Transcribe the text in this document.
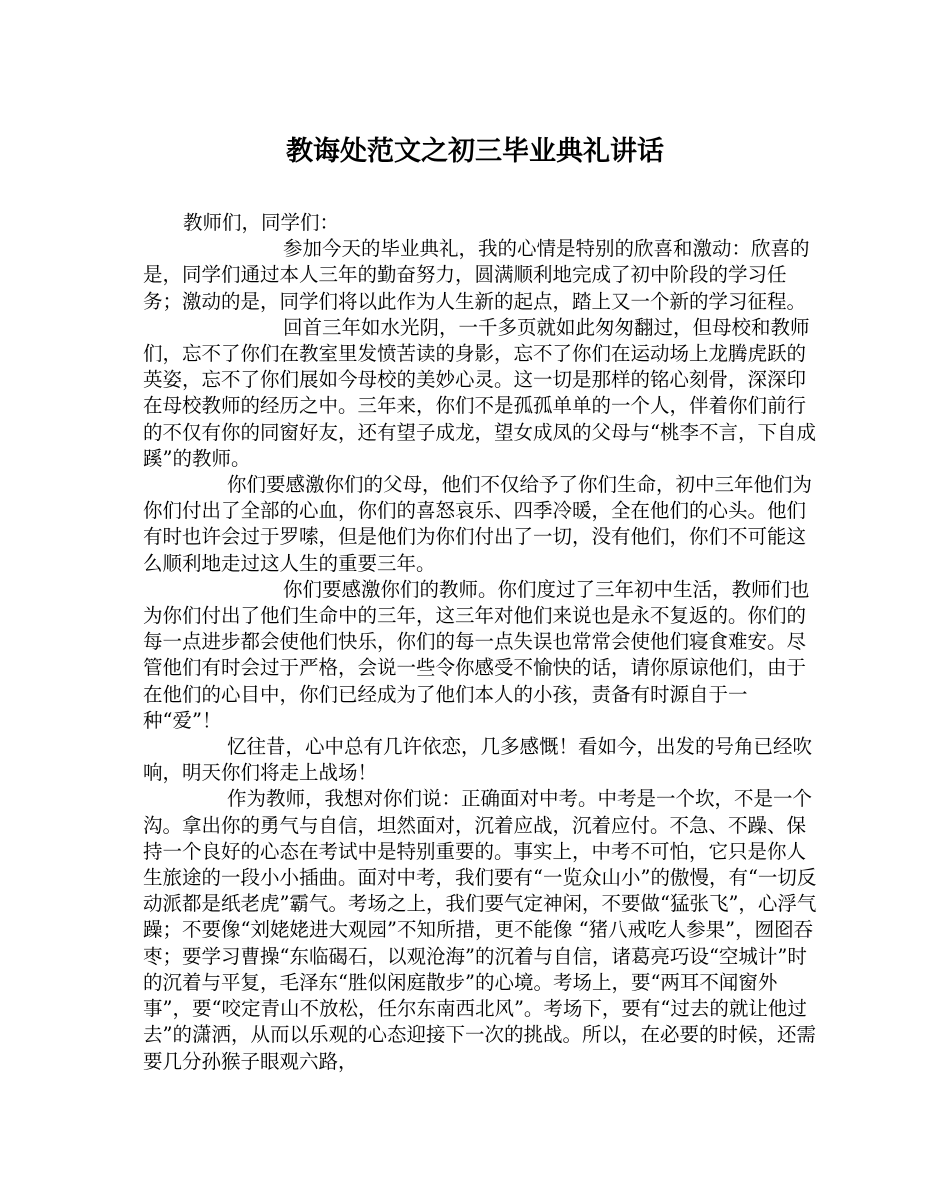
教诲处范文之初三毕业典礼讲话

教师们，同学们：

参加今天的毕业典礼，我的心情是特别的欣喜和激动：欣喜的是，同学们通过本人三年的勤奋努力，圆满顺利地完成了初中阶段的学习任务；激动的是，同学们将以此作为人生新的起点，踏上又一个新的学习征程。

回首三年如水光阴，一千多页就如此匆匆翻过，但母校和教师们，忘不了你们在教室里发愤苦读的身影，忘不了你们在运动场上龙腾虎跃的英姿，忘不了你们展如今母校的美妙心灵。这一切是那样的铭心刻骨，深深印在母校教师的经历之中。三年来，你们不是孤孤单单的一个人，伴着你们前行的不仅有你的同窗好友，还有望子成龙，望女成凤的父母与“桃李不言，下自成蹊”的教师。

你们要感激你们的父母，他们不仅给予了你们生命，初中三年他们为你们付出了全部的心血，你们的喜怒哀乐、四季冷暖，全在他们的心头。他们有时也许会过于罗嗦，但是他们为你们付出了一切，没有他们，你们不可能这么顺利地走过这人生的重要三年。

你们要感激你们的教师。你们度过了三年初中生活，教师们也为你们付出了他们生命中的三年，这三年对他们来说也是永不复返的。你们的每一点进步都会使他们快乐，你们的每一点失误也常常会使他们寝食难安。尽管他们有时会过于严格，会说一些令你感受不愉快的话，请你原谅他们，由于在他们的心目中，你们已经成为了他们本人的小孩，责备有时源自于一种“爱”！

忆往昔，心中总有几许依恋，几多感慨！看如今，出发的号角已经吹响，明天你们将走上战场！

作为教师，我想对你们说：正确面对中考。中考是一个坎，不是一个沟。拿出你的勇气与自信，坦然面对，沉着应战，沉着应付。不急、不躁、保持一个良好的心态在考试中是特别重要的。事实上，中考不可怕，它只是你人生旅途的一段小小插曲。面对中考，我们要有“一览众山小”的傲慢，有“一切反动派都是纸老虎”霸气。考场之上，我们要气定神闲，不要做“猛张飞”，心浮气躁；不要像“刘姥姥进大观园”不知所措，更不能像 “猪八戒吃人参果”，囫囵吞枣；要学习曹操“东临碣石，以观沧海”的沉着与自信，诸葛亮巧设“空城计”时的沉着与平复，毛泽东“胜似闲庭散步”的心境。考场上，要“两耳不闻窗外事”，要“咬定青山不放松，任尔东南西北风”。考场下，要有“过去的就让他过去”的潇洒，从而以乐观的心态迎接下一次的挑战。所以，在必要的时候，还需要几分孙猴子眼观六路，
